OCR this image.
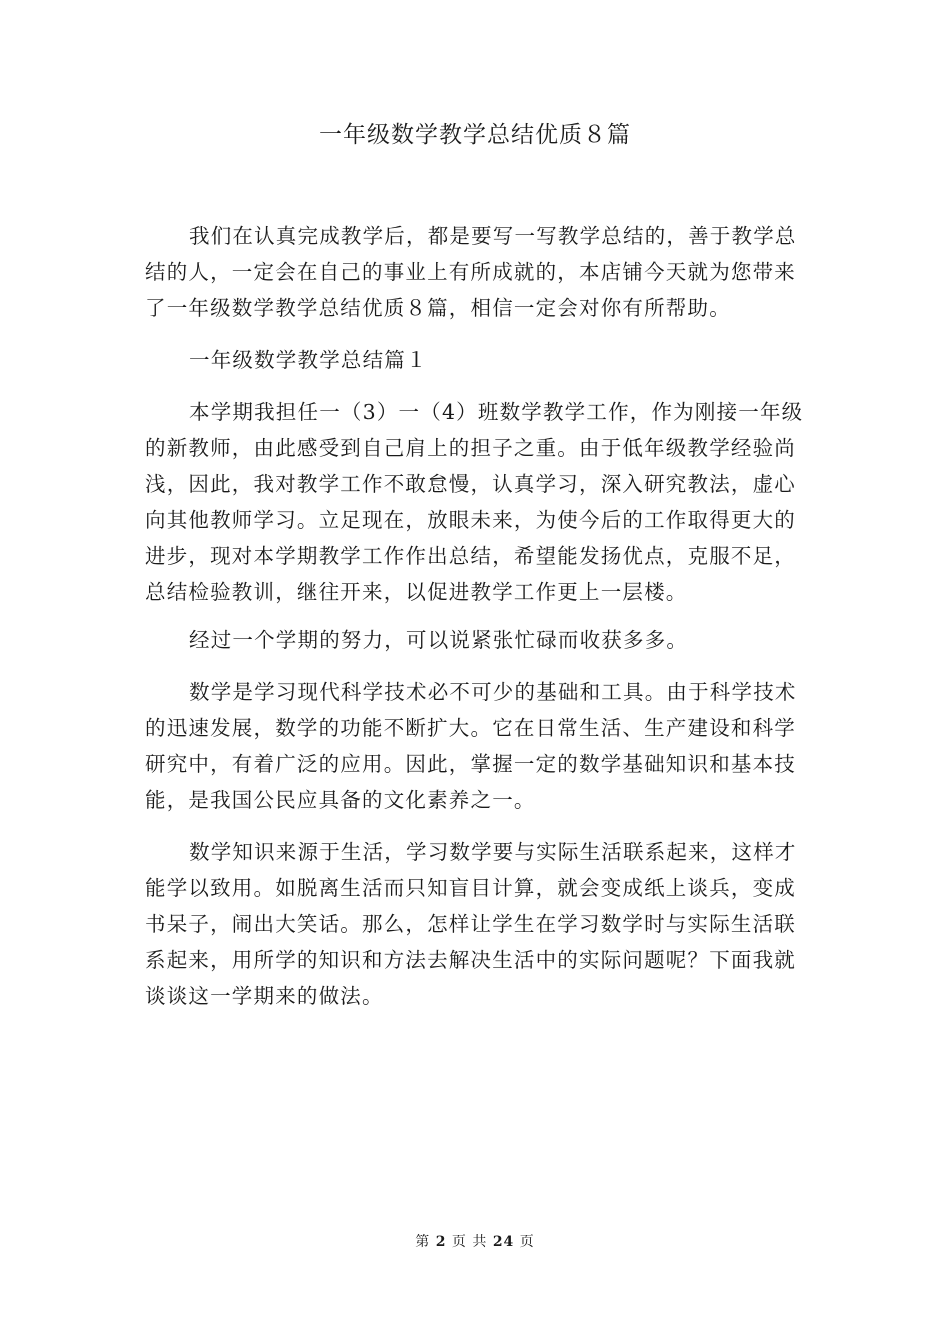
一年级数学教学总结优质８篇
我们在认真完成教学后，都是要写一写教学总结的，善于教学总
结的人，一定会在自己的事业上有所成就的，本店铺今天就为您带来
了一年级数学教学总结优质８篇，相信一定会对你有所帮助。
一年级数学教学总结篇１
本学期我担任一（3）一（4）班数学教学工作，作为刚接一年级
的新教师，由此感受到自己肩上的担子之重。由于低年级教学经验尚
浅，因此，我对教学工作不敢怠慢，认真学习，深入研究教法，虚心
向其他教师学习。立足现在，放眼未来，为使今后的工作取得更大的
进步，现对本学期教学工作作出总结，希望能发扬优点，克服不足，
总结检验教训，继往开来，以促进教学工作更上一层楼。
经过一个学期的努力，可以说紧张忙碌而收获多多。
数学是学习现代科学技术必不可少的基础和工具。由于科学技术
的迅速发展，数学的功能不断扩大。它在日常生活、生产建设和科学
研究中，有着广泛的应用。因此，掌握一定的数学基础知识和基本技
能，是我国公民应具备的文化素养之一。
数学知识来源于生活，学习数学要与实际生活联系起来，这样才
能学以致用。如脱离生活而只知盲目计算，就会变成纸上谈兵，变成
书呆子，闹出大笑话。那么，怎样让学生在学习数学时与实际生活联
系起来，用所学的知识和方法去解决生活中的实际问题呢？下面我就
谈谈这一学期来的做法。
第 2 页 共 24 页
